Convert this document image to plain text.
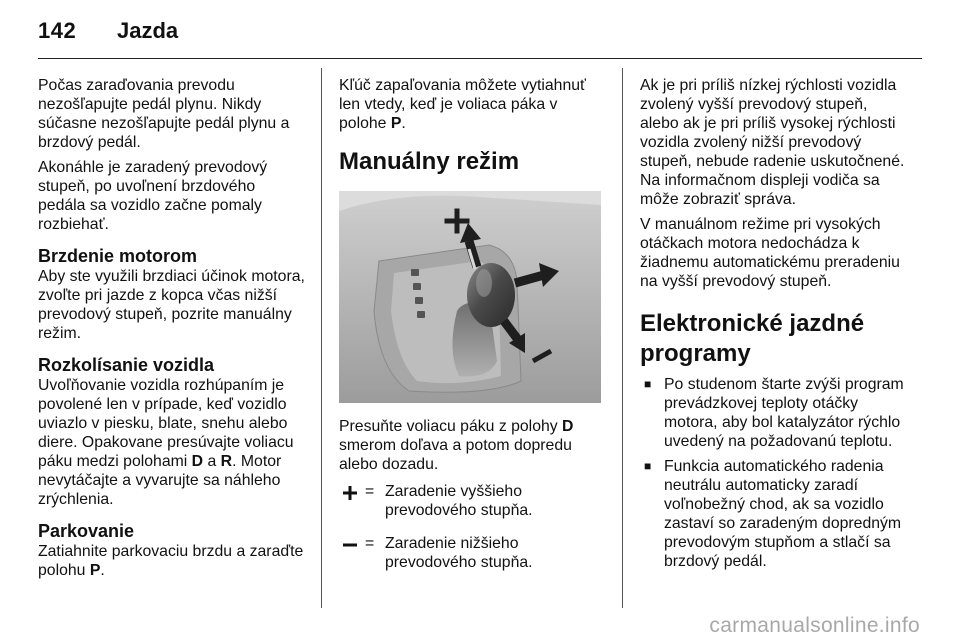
142 Jazda

Počas zaraďovania prevodu nezošľapujte pedál plynu. Nikdy súčasne nezošľapujte pedál plynu a brzdový pedál.

Akonáhle je zaradený prevodový stupeň, po uvoľnení brzdového pedála sa vozidlo začne pomaly rozbiehať.

Brzdenie motorom

Aby ste využili brzdiaci účinok motora, zvoľte pri jazde z kopca včas nižší prevodový stupeň, pozrite manuálny režim.

Rozkolísanie vozidla

Uvoľňovanie vozidla rozhúpaním je povolené len v prípade, keď vozidlo uviazlo v piesku, blate, snehu alebo diere. Opakovane presúvajte voliacu páku medzi polohami D a R. Motor nevytáčajte a vyvarujte sa náhleho zrýchlenia.

Parkovanie

Zatiahnite parkovaciu brzdu a zaraďte polohu P.

Kľúč zapaľovania môžete vytiahnuť len vtedy, keď je voliaca páka v polohe P.

Manuálny režim

Presuňte voliacu páku z polohy D smerom doľava a potom dopredu alebo dozadu.

= Zaradenie vyššieho prevodového stupňa.
= Zaradenie nižšieho prevodového stupňa.

Ak je pri príliš nízkej rýchlosti vozidla zvolený vyšší prevodový stupeň, alebo ak je pri príliš vysokej rýchlosti vozidla zvolený nižší prevodový stupeň, nebude radenie uskutočnené. Na informačnom displeji vodiča sa môže zobraziť správa.

V manuálnom režime pri vysokých otáčkach motora nedochádza k žiadnemu automatickému preradeniu na vyšší prevodový stupeň.

Elektronické jazdné programy
■ Po studenom štarte zvýši program prevádzkovej teploty otáčky motora, aby bol katalyzátor rýchlo uvedený na požadovanú teplotu.
■ Funkcia automatického radenia neutrálu automaticky zaradí voľnobežný chod, ak sa vozidlo zastaví so zaradeným dopredným prevodovým stupňom a stlačí sa brzdový pedál.
carmanualsonline.info
